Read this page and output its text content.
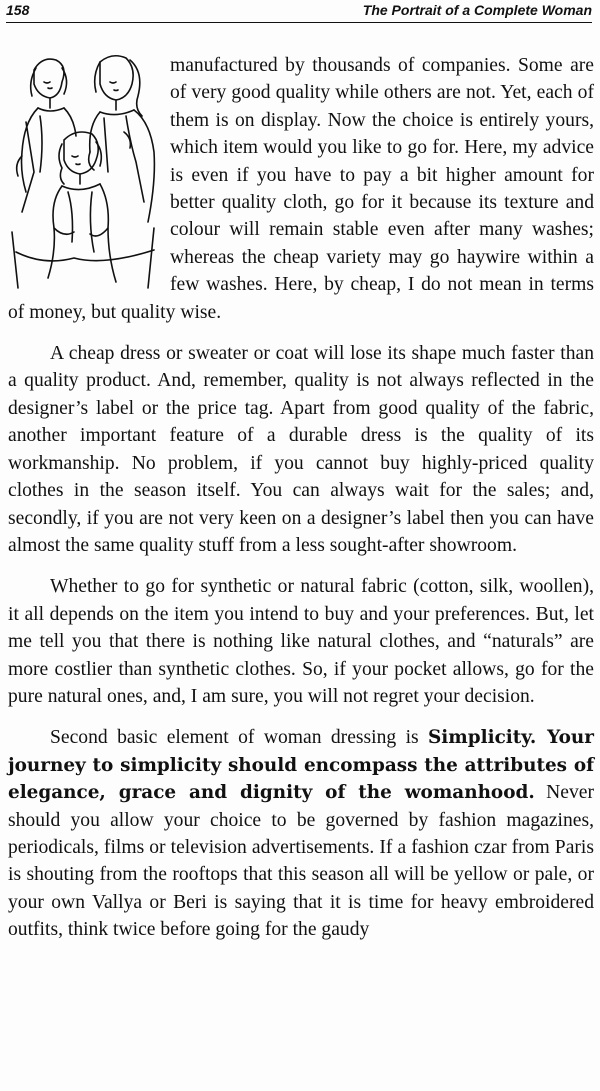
158	The Portrait of a Complete Woman

manufactured by thousands of companies. Some are of very good quality while others are not. Yet, each of them is on display. Now the choice is entirely yours, which item would you like to go for. Here, my advice is even if you have to pay a bit higher amount for better quality cloth, go for it because its texture and colour will remain stable even after many washes; whereas the cheap variety may go haywire within a few washes. Here, by cheap, I do not mean in terms of money, but quality wise.

A cheap dress or sweater or coat will lose its shape much faster than a quality product. And, remember, quality is not always reflected in the designer’s label or the price tag. Apart from good quality of the fabric, another important feature of a durable dress is the quality of its workmanship. No problem, if you cannot buy highly-priced quality clothes in the season itself. You can always wait for the sales; and, secondly, if you are not very keen on a designer’s label then you can have almost the same quality stuff from a less sought-after showroom.

Whether to go for synthetic or natural fabric (cotton, silk, woollen), it all depends on the item you intend to buy and your preferences. But, let me tell you that there is nothing like natural clothes, and “naturals” are more costlier than synthetic clothes. So, if your pocket allows, go for the pure natural ones, and, I am sure, you will not regret your decision.

Second basic element of woman dressing is Simplicity. Your journey to simplicity should encompass the attributes of elegance, grace and dignity of the womanhood. Never should you allow your choice to be governed by fashion magazines, periodicals, films or television advertisements. If a fashion czar from Paris is shouting from the rooftops that this season all will be yellow or pale, or your own Vallya or Beri is saying that it is time for heavy embroidered outfits, think twice before going for the gaudy
